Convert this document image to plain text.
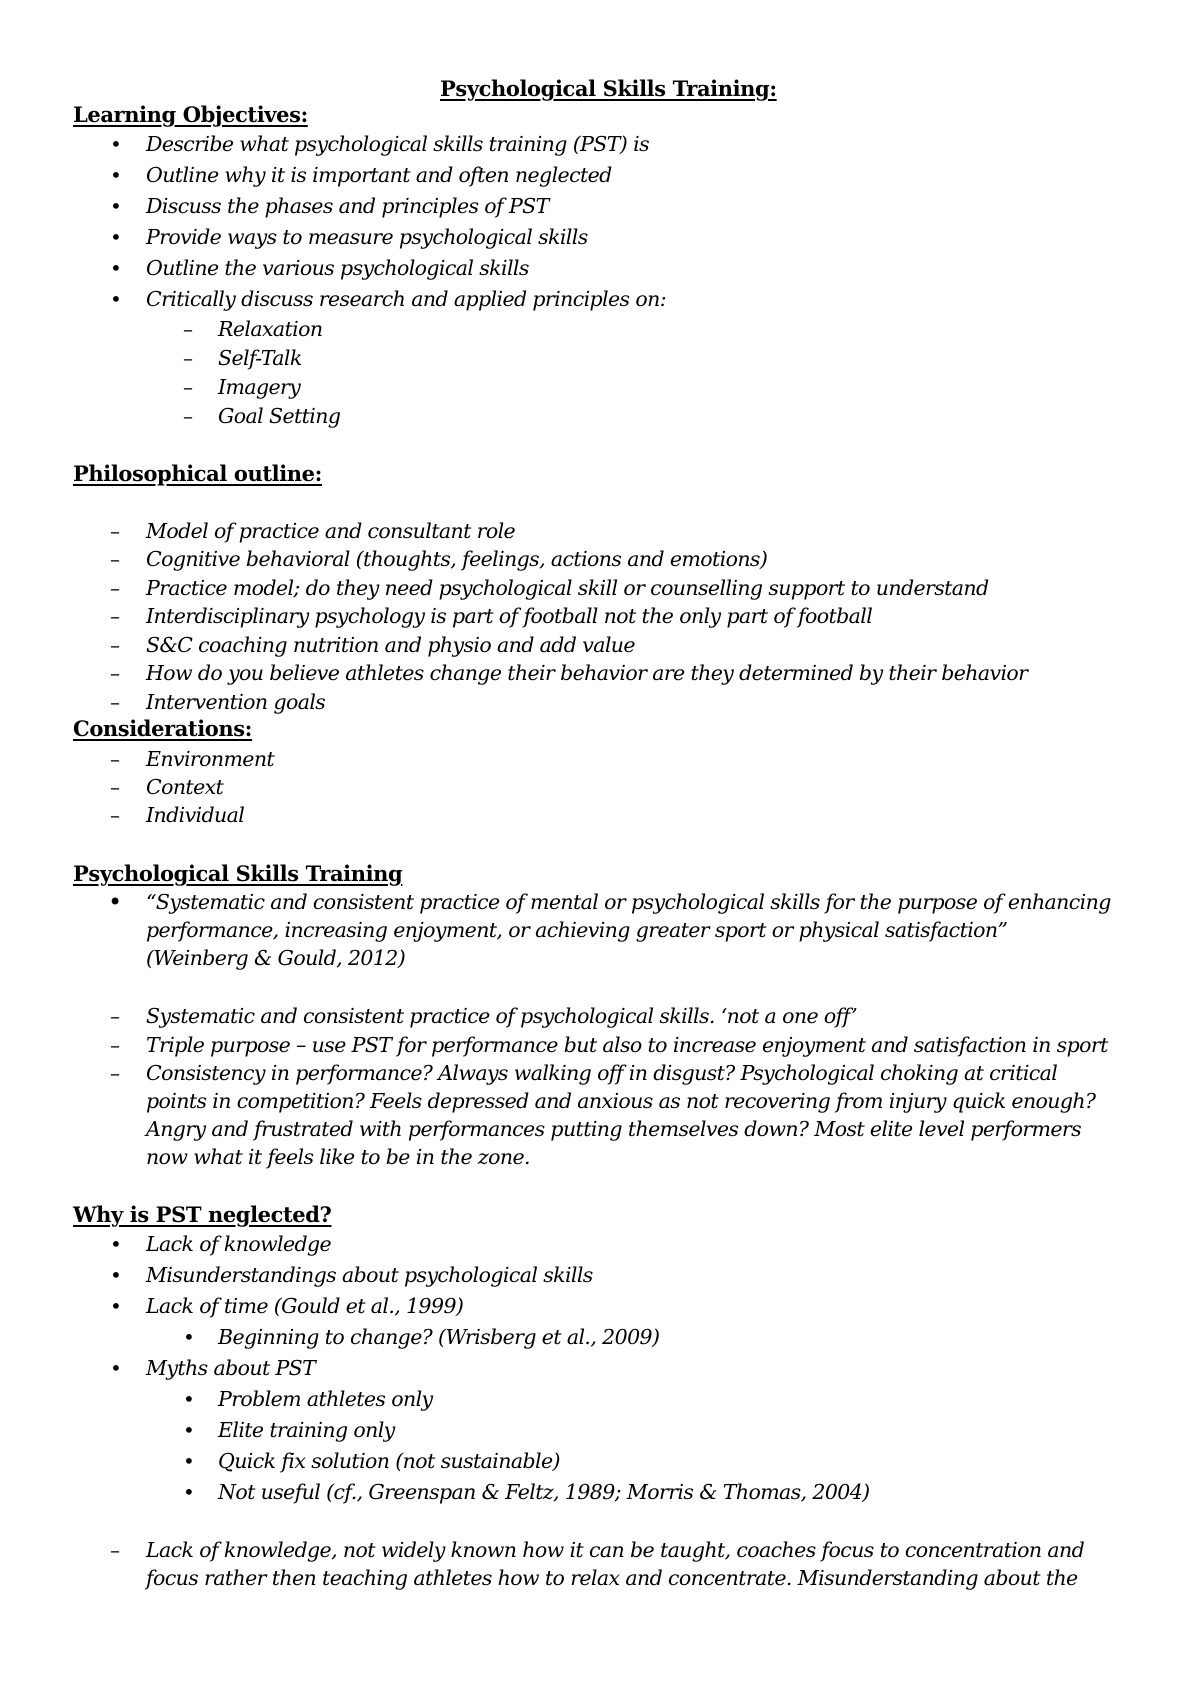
Psychological Skills Training:
Learning Objectives:
•
Describe what psychological skills training (PST) is
•
Outline why it is important and often neglected
•
Discuss the phases and principles of PST
•
Provide ways to measure psychological skills
•
Outline the various psychological skills
•
Critically discuss research and applied principles on:
–
Relaxation
–
Self-Talk
–
Imagery
–
Goal Setting
Philosophical outline:
–
Model of practice and consultant role
–
Cognitive behavioral (thoughts, feelings, actions and emotions)
–
Practice model; do they need psychological skill or counselling support to understand
–
Interdisciplinary psychology is part of football not the only part of football
–
S&C coaching nutrition and physio and add value
–
How do you believe athletes change their behavior are they determined by their behavior
–
Intervention goals
Considerations:
–
Environment
–
Context
–
Individual
Psychological Skills Training
•
“Systematic and consistent practice of mental or psychological skills for the purpose of enhancing
performance, increasing enjoyment, or achieving greater sport or physical satisfaction”
(Weinberg & Gould, 2012)
–
Systematic and consistent practice of psychological skills. ‘not a one off’
–
Triple purpose – use PST for performance but also to increase enjoyment and satisfaction in sport
–
Consistency in performance? Always walking off in disgust? Psychological choking at critical
points in competition? Feels depressed and anxious as not recovering from injury quick enough?
Angry and frustrated with performances putting themselves down? Most elite level performers
now what it feels like to be in the zone.
Why is PST neglected?
•
Lack of knowledge
•
Misunderstandings about psychological skills
•
Lack of time (Gould et al., 1999)
•
Beginning to change? (Wrisberg et al., 2009)
•
Myths about PST
•
Problem athletes only
•
Elite training only
•
Quick fix solution (not sustainable)
•
Not useful (cf., Greenspan & Feltz, 1989; Morris & Thomas, 2004)
–
Lack of knowledge, not widely known how it can be taught, coaches focus to concentration and
focus rather then teaching athletes how to relax and concentrate. Misunderstanding about the
